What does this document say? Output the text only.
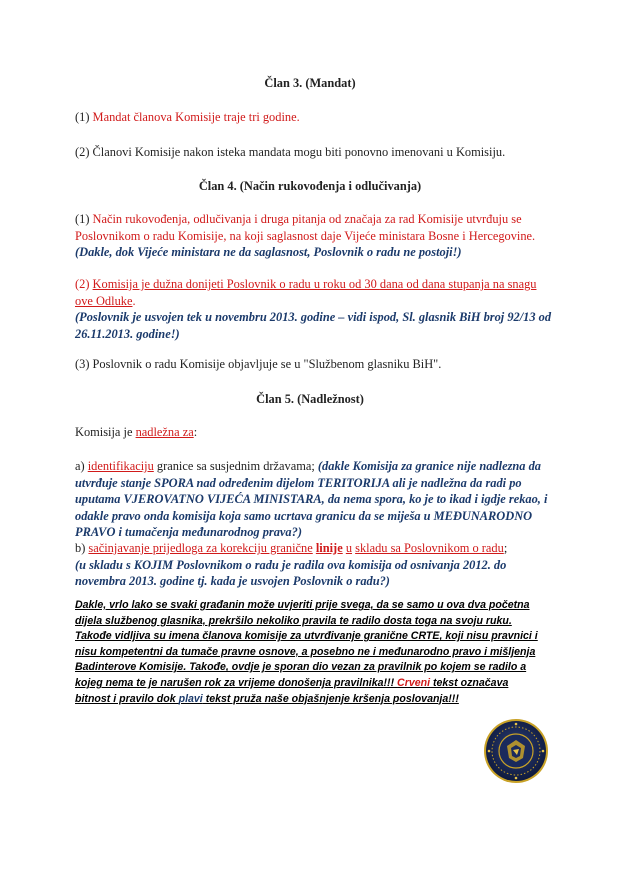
Član 3. (Mandat)

(1) Mandat članova Komisije traje tri godine.

(2) Članovi Komisije nakon isteka mandata mogu biti ponovno imenovani u Komisiju.

Član 4. (Način rukovođenja i odlučivanja)

(1) Način rukovođenja, odlučivanja i druga pitanja od značaja za rad Komisije utvrđuju se Poslovnikom o radu Komisije, na koji saglasnost daje Vijeće ministara Bosne i Hercegovine. (Dakle, dok Vijeće ministara ne da saglasnost, Poslovnik o radu ne postoji!)

(2) Komisija je dužna donijeti Poslovnik o radu u roku od 30 dana od dana stupanja na snagu ove Odluke.
(Poslovnik je usvojen tek u novembru 2013. godine – vidi ispod, Sl. glasnik BiH broj 92/13 od 26.11.2013. godine!)

(3) Poslovnik o radu Komisije objavljuje se u "Službenom glasniku BiH".

Član 5. (Nadležnost)

Komisija je nadležna za:

a) identifikaciju granice sa susjednim državama; (dakle Komisija za granice nije nadlezna da utvrđuje stanje SPORA nad određenim dijelom TERITORIJA ali je nadležna da radi po uputama VJEROVATNO VIJEĆA MINISTARA, da nema spora, ko je to ikad i igdje rekao, i odakle pravo onda komisija koja samo ucrtava granicu da se miješa u MEĐUNARODNO PRAVO i tumačenja međunarodnog prava?)

b) sačinjavanje prijedloga za korekciju granične linije u skladu sa Poslovnikom o radu;
(u skladu s KOJIM Poslovnikom o radu je radila ova komisija od osnivanja 2012. do novembra 2013. godine tj. kada je usvojen Poslovnik o radu?)

Dakle, vrlo lako se svaki građanin može uvjeriti prije svega, da se samo u ova dva početna dijela službenog glasnika, prekršilo nekoliko pravila te radilo dosta toga na svoju ruku. Takođe vidljiva su imena članova komisije za utvrđivanje granične CRTE, koji nisu pravnici i nisu kompetentni da tumače pravne osnove, a posebno ne i međunarodno pravo i mišljenja Badinterove Komisije. Takođe, ovdje je sporan dio vezan za pravilnik po kojem se radilo a kojeg nema te je narušen rok za vrijeme donošenja pravilnika!!! Crveni tekst označava bitnost i pravilo dok plavi tekst pruža naše objašnjenje kršenja poslovanja!!!
